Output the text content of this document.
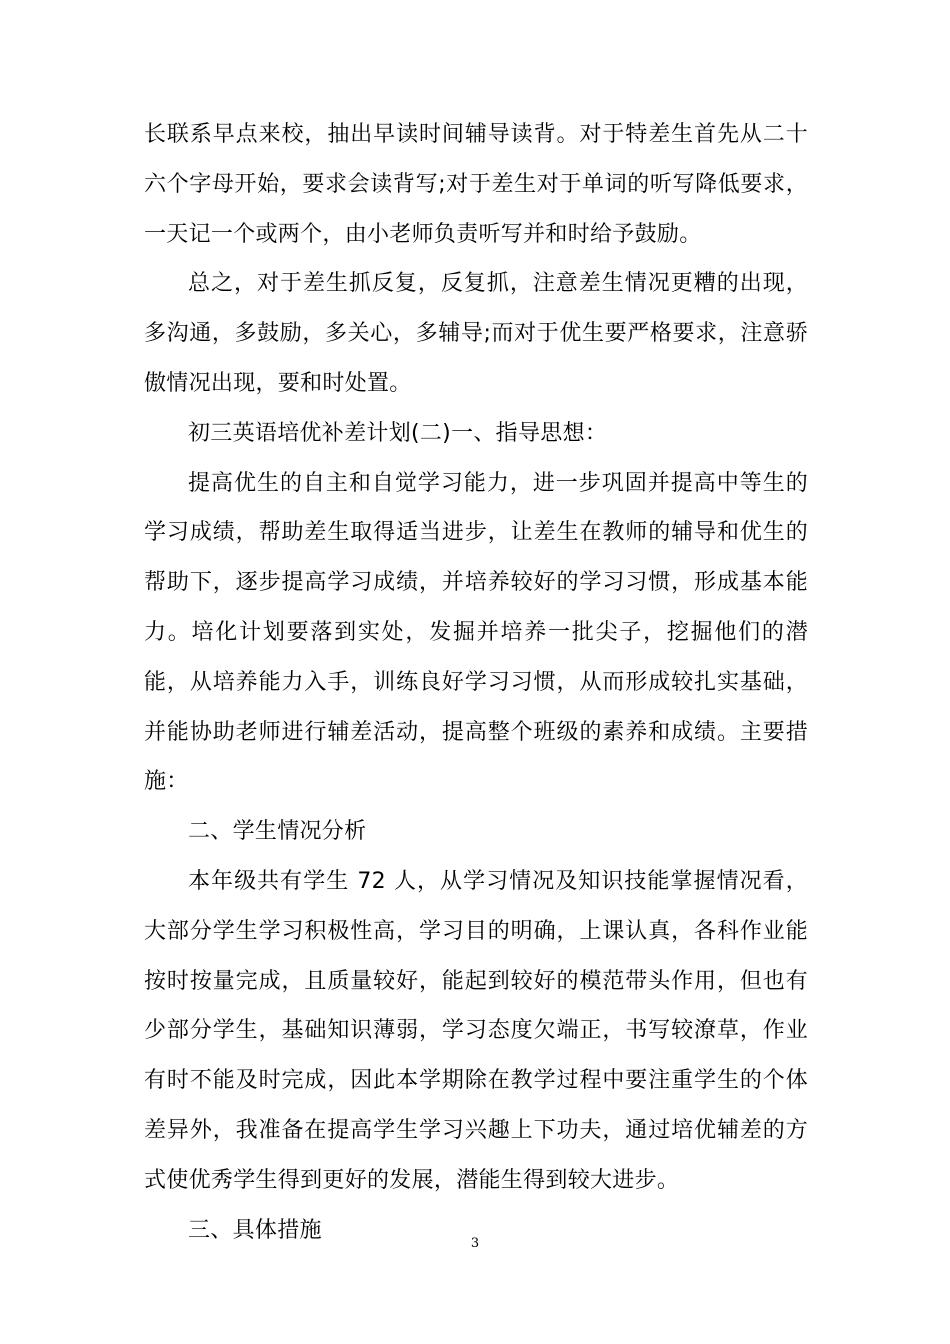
长联系早点来校，抽出早读时间辅导读背。对于特差生首先从二十六个字母开始，要求会读背写;对于差生对于单词的听写降低要求，一天记一个或两个，由小老师负责听写并和时给予鼓励。

总之，对于差生抓反复，反复抓，注意差生情况更糟的出现，多沟通，多鼓励，多关心，多辅导;而对于优生要严格要求，注意骄傲情况出现，要和时处置。

初三英语培优补差计划(二)一、指导思想：

提高优生的自主和自觉学习能力，进一步巩固并提高中等生的学习成绩，帮助差生取得适当进步，让差生在教师的辅导和优生的帮助下，逐步提高学习成绩，并培养较好的学习习惯，形成基本能力。培化计划要落到实处，发掘并培养一批尖子，挖掘他们的潜能，从培养能力入手，训练良好学习习惯，从而形成较扎实基础，并能协助老师进行辅差活动，提高整个班级的素养和成绩。主要措施：

二、学生情况分析

本年级共有学生 72 人，从学习情况及知识技能掌握情况看，大部分学生学习积极性高，学习目的明确，上课认真，各科作业能按时按量完成，且质量较好，能起到较好的模范带头作用，但也有少部分学生，基础知识薄弱，学习态度欠端正，书写较潦草，作业有时不能及时完成，因此本学期除在教学过程中要注重学生的个体差异外，我准备在提高学生学习兴趣上下功夫，通过培优辅差的方式使优秀学生得到更好的发展，潜能生得到较大进步。

三、具体措施

3
